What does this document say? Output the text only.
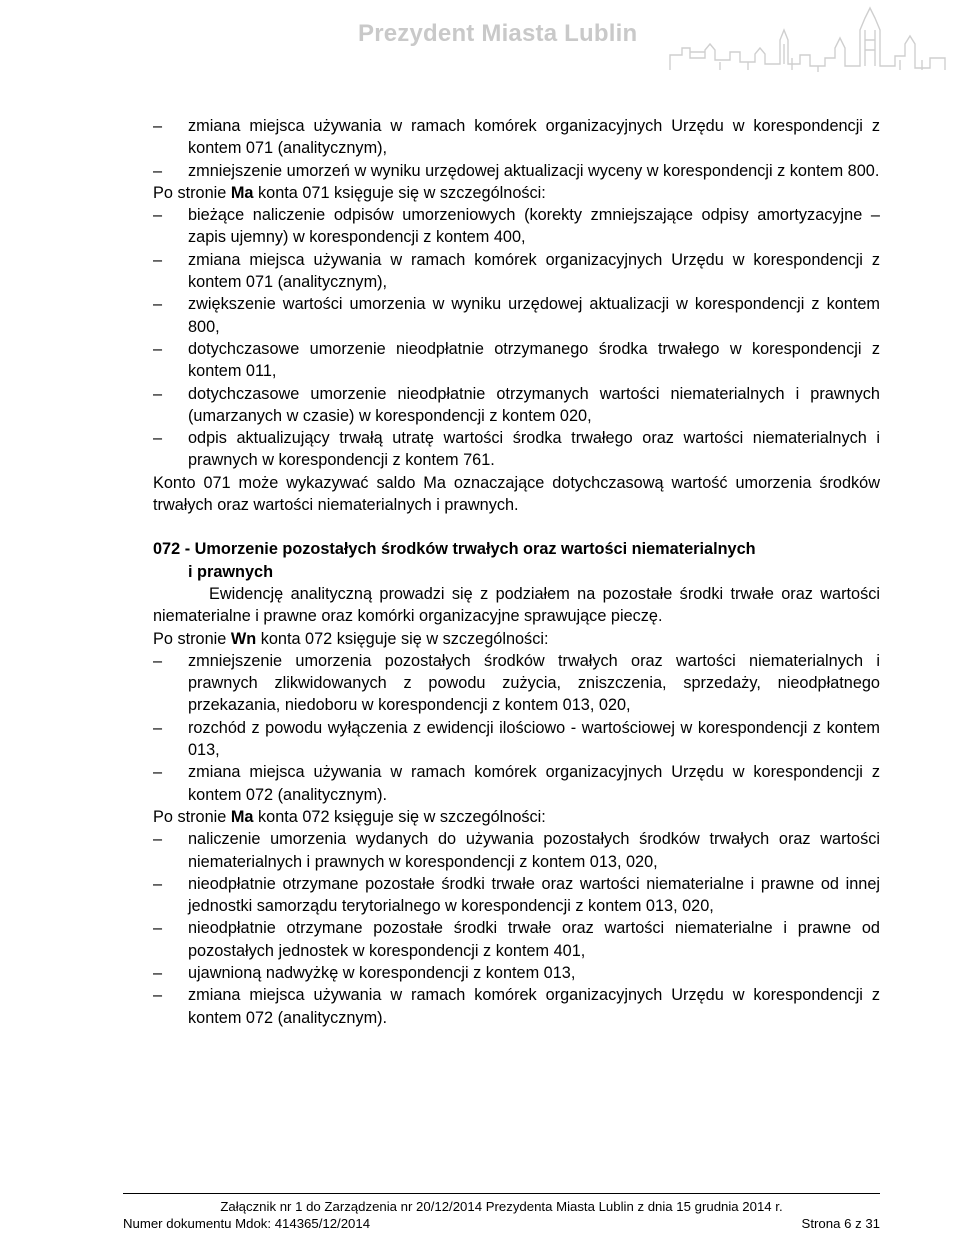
Prezydent Miasta Lublin
– zmiana miejsca używania w ramach komórek organizacyjnych Urzędu w korespondencji z kontem 071 (analitycznym),
– zmniejszenie umorzeń w wyniku urzędowej aktualizacji wyceny w korespondencji z kontem 800.
Po stronie Ma konta 071 księguje się w szczególności:
– bieżące naliczenie odpisów umorzeniowych (korekty zmniejszające odpisy amortyzacyjne – zapis ujemny) w korespondencji z kontem 400,
– zmiana miejsca używania w ramach komórek organizacyjnych Urzędu w korespondencji z kontem 071 (analitycznym),
– zwiększenie wartości umorzenia w wyniku urzędowej aktualizacji w korespondencji z kontem 800,
– dotychczasowe umorzenie nieodpłatnie otrzymanego środka trwałego w korespondencji z kontem 011,
– dotychczasowe umorzenie nieodpłatnie otrzymanych wartości niematerialnych i prawnych (umarzanych w czasie) w korespondencji z kontem 020,
– odpis aktualizujący trwałą utratę wartości środka trwałego oraz wartości niematerialnych i prawnych w korespondencji z kontem 761.
Konto 071 może wykazywać saldo Ma oznaczające dotychczasową wartość umorzenia środków trwałych oraz wartości niematerialnych i prawnych.
072 - Umorzenie pozostałych środków trwałych oraz wartości niematerialnych
i prawnych
Ewidencję analityczną prowadzi się z podziałem na pozostałe środki trwałe oraz wartości niematerialne i prawne oraz komórki organizacyjne sprawujące pieczę.
Po stronie Wn konta 072 księguje się w szczególności:
– zmniejszenie umorzenia pozostałych środków trwałych oraz wartości niematerialnych i prawnych zlikwidowanych z powodu zużycia, zniszczenia, sprzedaży, nieodpłatnego przekazania, niedoboru w korespondencji z kontem 013, 020,
– rozchód z powodu wyłączenia z ewidencji ilościowo - wartościowej w korespondencji z kontem 013,
– zmiana miejsca używania w ramach komórek organizacyjnych Urzędu w korespondencji z kontem 072 (analitycznym).
Po stronie Ma konta 072 księguje się w szczególności:
– naliczenie umorzenia wydanych do używania pozostałych środków trwałych oraz wartości niematerialnych i prawnych w korespondencji z kontem 013, 020,
– nieodpłatnie otrzymane pozostałe środki trwałe oraz wartości niematerialne i prawne od innej jednostki samorządu terytorialnego w korespondencji z kontem 013, 020,
– nieodpłatnie otrzymane pozostałe środki trwałe oraz wartości niematerialne i prawne od pozostałych jednostek w korespondencji z kontem 401,
– ujawnioną nadwyżkę w korespondencji z kontem 013,
– zmiana miejsca używania w ramach komórek organizacyjnych Urzędu w korespondencji z kontem 072 (analitycznym).
Załącznik nr 1 do Zarządzenia nr 20/12/2014 Prezydenta Miasta Lublin z dnia 15 grudnia 2014 r.
Numer dokumentu Mdok: 414365/12/2014	Strona 6 z 31
